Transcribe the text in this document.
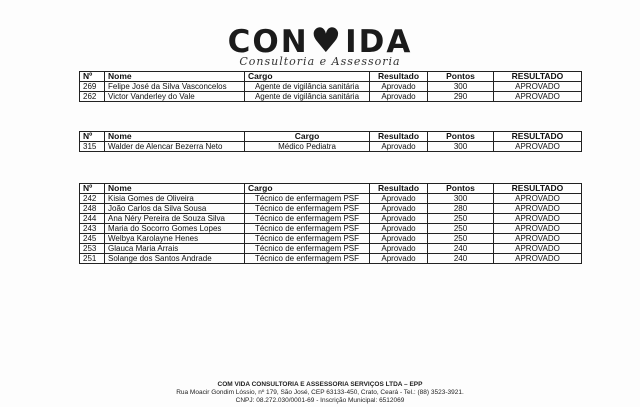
CON♥IDA
Consultoria e Assessoria
Nº	Nome	Cargo	Resultado	Pontos	RESULTADO
269	Felipe José da Silva Vasconcelos	Agente de vigilância sanitária	Aprovado	300	APROVADO
262	Victor Vanderley do Vale	Agente de vigilância sanitária	Aprovado	290	APROVADO
Nº	Nome	Cargo	Resultado	Pontos	RESULTADO
315	Walder de Alencar Bezerra Neto	Médico Pediatra	Aprovado	300	APROVADO
Nº	Nome	Cargo	Resultado	Pontos	RESULTADO
242	Kisia Gomes de Oliveira	Técnico de enfermagem PSF	Aprovado	300	APROVADO
248	João Carlos da Silva Sousa	Técnico de enfermagem PSF	Aprovado	280	APROVADO
244	Ana Néry Pereira de Souza Silva	Técnico de enfermagem PSF	Aprovado	250	APROVADO
243	Maria do Socorro Gomes Lopes	Técnico de enfermagem PSF	Aprovado	250	APROVADO
245	Welbya Karolayne Henes	Técnico de enfermagem PSF	Aprovado	250	APROVADO
253	Glauca Maria Arrais	Técnico de enfermagem PSF	Aprovado	240	APROVADO
251	Solange dos Santos Andrade	Técnico de enfermagem PSF	Aprovado	240	APROVADO
COM VIDA CONSULTORIA E ASSESSORIA SERVIÇOS LTDA – EPP
Rua Moacir Gondim Lóssio, nº 179, São José, CEP 63133-450, Crato, Ceará - Tel.: (88) 3523-3921.
CNPJ: 08.272.030/0001-69 - Inscrição Municipal: 6512069
